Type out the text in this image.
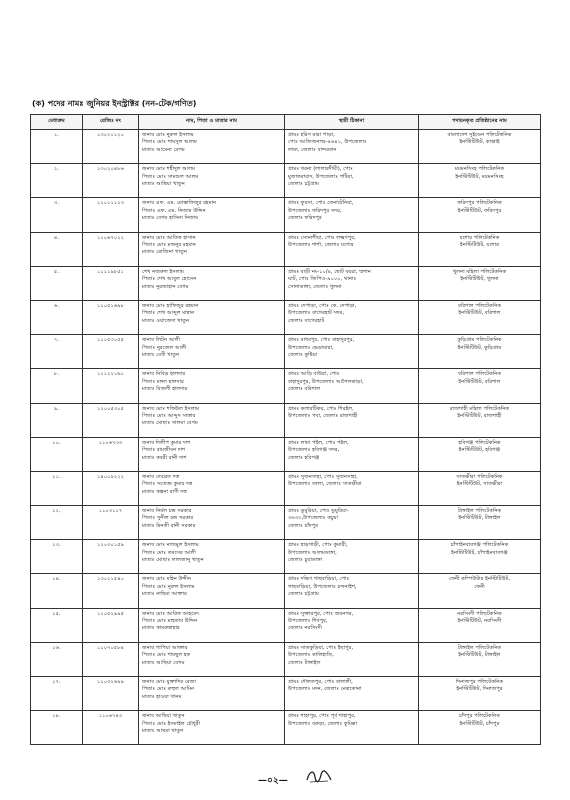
(ক) পদের নামঃ জুনিয়র ইনস্ট্রাক্টর (নন-টেক/গণিত)
মেধাক্রম	রেজিঃ নং	নাম, পিতা ও মাতার নাম	স্থায়ী ঠিকানা	পদায়নকৃত প্রতিষ্ঠানের নাম

১.	১৩০২০১২০	জনাব মোঃ নুরুল ইসলাম
পিতাঃ মোঃ শামসুল আলম
মাতাঃ আমেনা বেগম	গ্রামঃ হরিণ মারা পাড়া,
পোঃ আজিজনগর-৪৬৪১, উপজেলাঃ
লামা, জেলাঃ বান্দরবান	বাংলাদেশ সুইডেন পলিটেকনিক
ইনস্টিটিউট, কাপ্তাই

২.	১৩০২০৪৮৬	জনাব মোঃ শহীদুল আলম
পিতাঃ মোঃ সামশুল আলম
মাতাঃ আম্বিয়া খাতুন	গ্রামঃ খরনা (লালারদীঘী), পোঃ
মুজাফরাবাদ, উপজেলাঃ পটিয়া,
জেলাঃ চট্টগ্রাম	ময়মনসিংহ পলিটেকনিক
ইনস্টিটিউট, ময়মনসিংহ

৩.	১১০১১১২৩	জনাব এফ. এম. মোস্তাফিজুর রহমান
পিতাঃ এফ. এম. নিজাম উদ্দিন
মাতাঃ বেগম হাসিনা নিজাম	গ্রামঃ ফুরসা, পোঃ তেনাটেনিয়া,
উপজেলাঃ ফরিদপুর সদর,
জেলাঃ ফরিদপুর	ফরিদপুর পলিটেকনিক
ইনস্টিটিউট, ফরিদপুর

৪.	১১০৬৭০২২	জনাব মোঃ আতিক হাসান
পিতাঃ মোঃ মজনুর রহমান
মাতাঃ রোজিনা খাতুন	গ্রামঃ সোনাশীয়া, পোঃ লক্ষ্মণপুর,
উপজেলাঃ শার্শা, জেলাঃ যশোর	যশোর পলিটেকনিক
ইনস্টিটিউট, যশোর

৫.	১১১১৯৮৫১	শেখ নজরুল ইসলাম
পিতাঃ শেখ আবুল হোসেন
মাতাঃ নুরজাহান বেগম	গ্রামঃ বাড়ী নং-১০/৪, ছোট বয়রা, শ্মশান
ঘাট, পোঃ জিপিও-৯০০০, থানাঃ
সোনাডাঙ্গা, জেলাঃ খুলনা	খুলনা মহিলা পলিটেকনিক
ইনস্টিটিউট, খুলনা

৬.	১১০৫১৬৯৮	জনাব মোঃ হাফিজুর রহমান
পিতাঃ শেখ আব্দুল মান্নান
মাতাঃ ওয়াজেদা খাতুন	গ্রামঃ দেপাড়া, পোঃ কে. দেপাড়া,
উপজেলাঃ বাগেরহাট সদর,
জেলাঃ বাগেরহাট	বরিশাল পলিটেকনিক
ইনস্টিটিউট, বরিশাল

৭.	১১০৫৩০৫৫	জনাব লিটন আলী
পিতাঃ নুরজেল আলী
মাতাঃ বেবী খাতুন	গ্রামঃ মাধবপুর, পোঃ বাহাদুরপুর,
উপজেলাঃ ভেড়ামারা,
জেলাঃ কুষ্টিয়া	কুড়িগ্রাম পলিটেকনিক
ইনস্টিটিউট, কুড়িগ্রাম

৮.	১১১২২১৬১	জনাব নিবিড় হালদার
পিতাঃ মঙ্গল হালদার
মাতাঃ বিজলী হালদার	গ্রামঃ আড়ি বাউরা, পোঃ
বাহাদুরপুর, উপজেলাঃ আগৈলঝাড়া,
জেলাঃ বরিশাল	বরিশাল পলিটেকনিক
ইনস্টিটিউট, বরিশাল

৯.	১২০০৫৩০৫	জনাব মোঃ শফিউল ইসলাম
পিতাঃ মোঃ আব্দুস সাত্তার
মাতাঃ মোছাঃ সালমা বেগম	গ্রামঃ কলারটিকর, পোঃ শিরইল,
উপজেলাঃ পবা, জেলাঃ রাজশাহী	রাজশাহী মহিলা পলিটেকনিক
ইনস্টিটিউট, রাজশাহী

১০.	১১০৬৭৩৩	জনাব দিলীপ কুমার দাশ
পিতাঃ রামজীবন দাশ
মাতাঃ কবরী রানী দাশ	গ্রামঃ লামা পইল, পোঃ পইল,
উপজেলাঃ হবিগঞ্জ সদর,
জেলাঃ হবিগঞ্জ	হবিগঞ্জ পলিটেকনিক
ইনস্টিটিউট, হবিগঞ্জ

১১.	১৪০০৯২২২	জনাব দেবব্রত দত্ত
পিতাঃ সত্যেন্দ্র কুমার দত্ত
মাতাঃ কল্পনা রাণী দত্ত	গ্রামঃ সুজনসাহা, পোঃ সুজনসাহা,
উপজেলাঃ তালা, জেলাঃ সাতক্ষীরা	সাতক্ষীরা পলিটেকনিক
ইনস্টিটিউট, সাতক্ষীরা

১২.	১১০৩১১৭	জনাব নির্মল চন্দ্র সরকার
পিতাঃ সুনীল চন্দ্র সরকার
মাতাঃ মিনতী রানী সরকার	গ্রামঃ ডুমুরিয়া, পোঃ ডুমুরিয়া-
৩৬৩৩,উপজেলাঃ কচুয়া
জেলাঃ চাঁদপুর	টাঙ্গাইল পলিটেকনিক
ইনস্টিটিউট, টাঙ্গাইল

১৩.	১২০৩০১৫৯	জনাব মোঃ নাজমুল ইসলাম
পিতাঃ মোঃ তমসের আলী
মাতাঃ মোছাঃ লালজানু খাতুন	গ্রামঃ হাড়গাড়ী, পোঃ কুমারী,
উপজেলাঃ আলমডাঙ্গা,
জেলাঃ চুয়াডাঙ্গা	চাঁপাইনবাবগঞ্জ পলিটেকনিক
ইনস্টিটিউট, চাঁপাইনবাবগঞ্জ

১৪.	১৩০২১৫৪০	জনাব মোঃ মহিন উদ্দীন
পিতাঃ মোঃ নুরুল ইসলাম
মাতাঃ নাছিমা আক্তার	গ্রামঃ দক্ষিণ গাছবাড়িয়া, পোঃ
গাছবাড়িয়া, উপজেলাঃ চন্দনাইশ,
জেলাঃ চট্টগ্রাম	ফেনী কম্পিউটার ইনস্টিটিউট,
ফেনী

১৫.	১১০৫২৯৯৫	জনাব মোঃ আরিফ আহমেদ
পিতাঃ মোঃ মাহতাব উদ্দিন
মাতাঃ কামরুন্নাহার	গ্রামঃ সুক্তারপুর, পোঃ জয়নগর,
উপজেলাঃ শিবপুর,
জেলাঃ নরসিংদী	নরসিংদী পলিটেকনিক
ইনস্টিটিউট, নরসিংদী

১৬.	১১০৭০৫৮৪	জনাব পাপিয়া আক্তার
পিতাঃ মোঃ শামছুল হক
মাতাঃ আছিয়া বেগম	গ্রামঃ সাতকুড়িয়া, পোঃ ইছাপুর,
উপজেলাঃ কালিহাতি,
জেলাঃ টাঙ্গাইল	টাঙ্গাইল পলিটেকনিক
ইনস্টিটিউট, টাঙ্গাইল

১৭.	১১০৩২৬৯৯	জনাব মোঃ মুক্তাদির রেজা
পিতাঃ মোঃ রুহুল আমিন
মাতাঃ হাওয়া খানম	গ্রামঃ দৌলতপুর, পোঃ বালালী,
উপজেলাঃ মদন, জেলাঃ নেত্রকোনা	দিনাজপুর পলিটেকনিক
ইনস্টিটিউট, দিনাজপুর

১৮.	১১০৬৭৪৩	জনাব আছিয়া খাতুন
পিতাঃ মোঃ ইসমাইল চৌধুরী
মাতাঃ আছমা খাতুন	গ্রামঃ শাহাপুর, পোঃ পূর্ব শাহাপুর,
উপজেলাঃ বরুড়া, জেলাঃ কুমিল্লা	চাঁদপুর পলিটেকনিক
ইনস্টিটিউট, চাঁদপুর
—০২—
